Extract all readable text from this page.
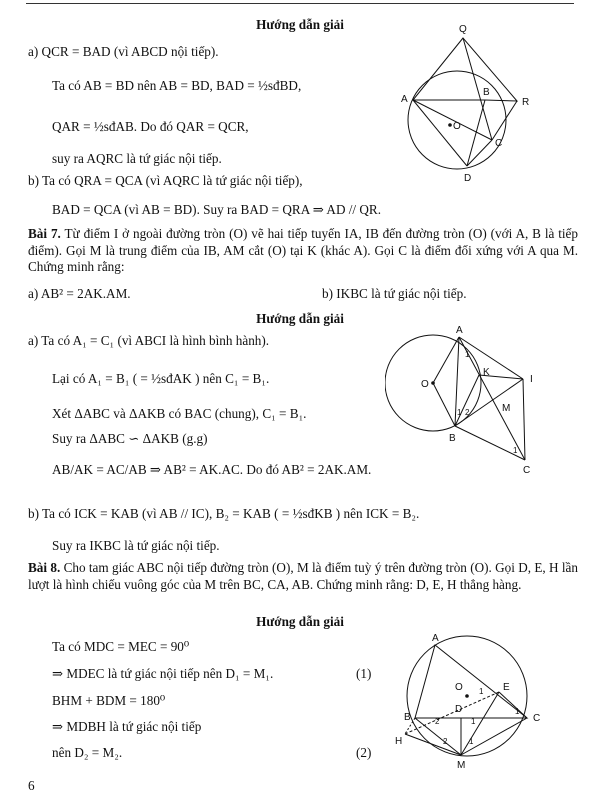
Hướng dẫn giải
a) QCR = BAD (vì ABCD nội tiếp).
Ta có AB = BD nên AB = BD, BAD = ½sđBD,
QAR = ½sđAB. Do đó QAR = QCR,
suy ra AQRC là tứ giác nội tiếp.
b) Ta có QRA = QCA (vì AQRC là tứ giác nội tiếp),
BAD = QCA (vì AB = BD). Suy ra BAD = QRA ⇒ AD // QR.
Q
A
B
R
O
C
D
Bài 7. Từ điểm I ở ngoài đường tròn (O) vẽ hai tiếp tuyến IA, IB đến đường tròn (O) (với A, B là tiếp điểm). Gọi M là trung điểm của IB, AM cắt (O) tại K (khác A). Gọi C là điểm đối xứng với A qua M. Chứng minh rằng:
a) AB² = 2AK.AM.	b) IKBC là tứ giác nội tiếp.
Hướng dẫn giải
a) Ta có A₁ = C₁ (vì ABCI là hình bình hành).
Lại có A₁ = B₁ ( = ½sđAK ) nên C₁ = B₁.
Xét ΔABC và ΔAKB có BAC (chung), C₁ = B₁.
Suy ra ΔABC ∽ ΔAKB (g.g)
AB/AK = AC/AB ⇒ AB² = AK.AC. Do đó AB² = 2AK.AM.
b) Ta có ICK = KAB (vì AB // IC), B₂ = KAB ( = ½sđKB ) nên ICK = B₂.
Suy ra IKBC là tứ giác nội tiếp.
A
O
K
I
1
1 2	M
B
1
C
Bài 8. Cho tam giác ABC nội tiếp đường tròn (O), M là điểm tuỳ ý trên đường tròn (O). Gọi D, E, H lần lượt là hình chiếu vuông góc của M trên BC, CA, AB. Chứng minh rằng: D, E, H thẳng hàng.
Hướng dẫn giải
Ta có MDC = MEC = 90⁰
⇒ MDEC là tứ giác nội tiếp nên D₁ = M₁.	(1)
BHM + BDM = 180⁰
⇒ MDBH là tứ giác nội tiếp
nên D₂ = M₂.	(2)
A
O	E
B
D
C
H
M
2	1
1
1
1
2
6
